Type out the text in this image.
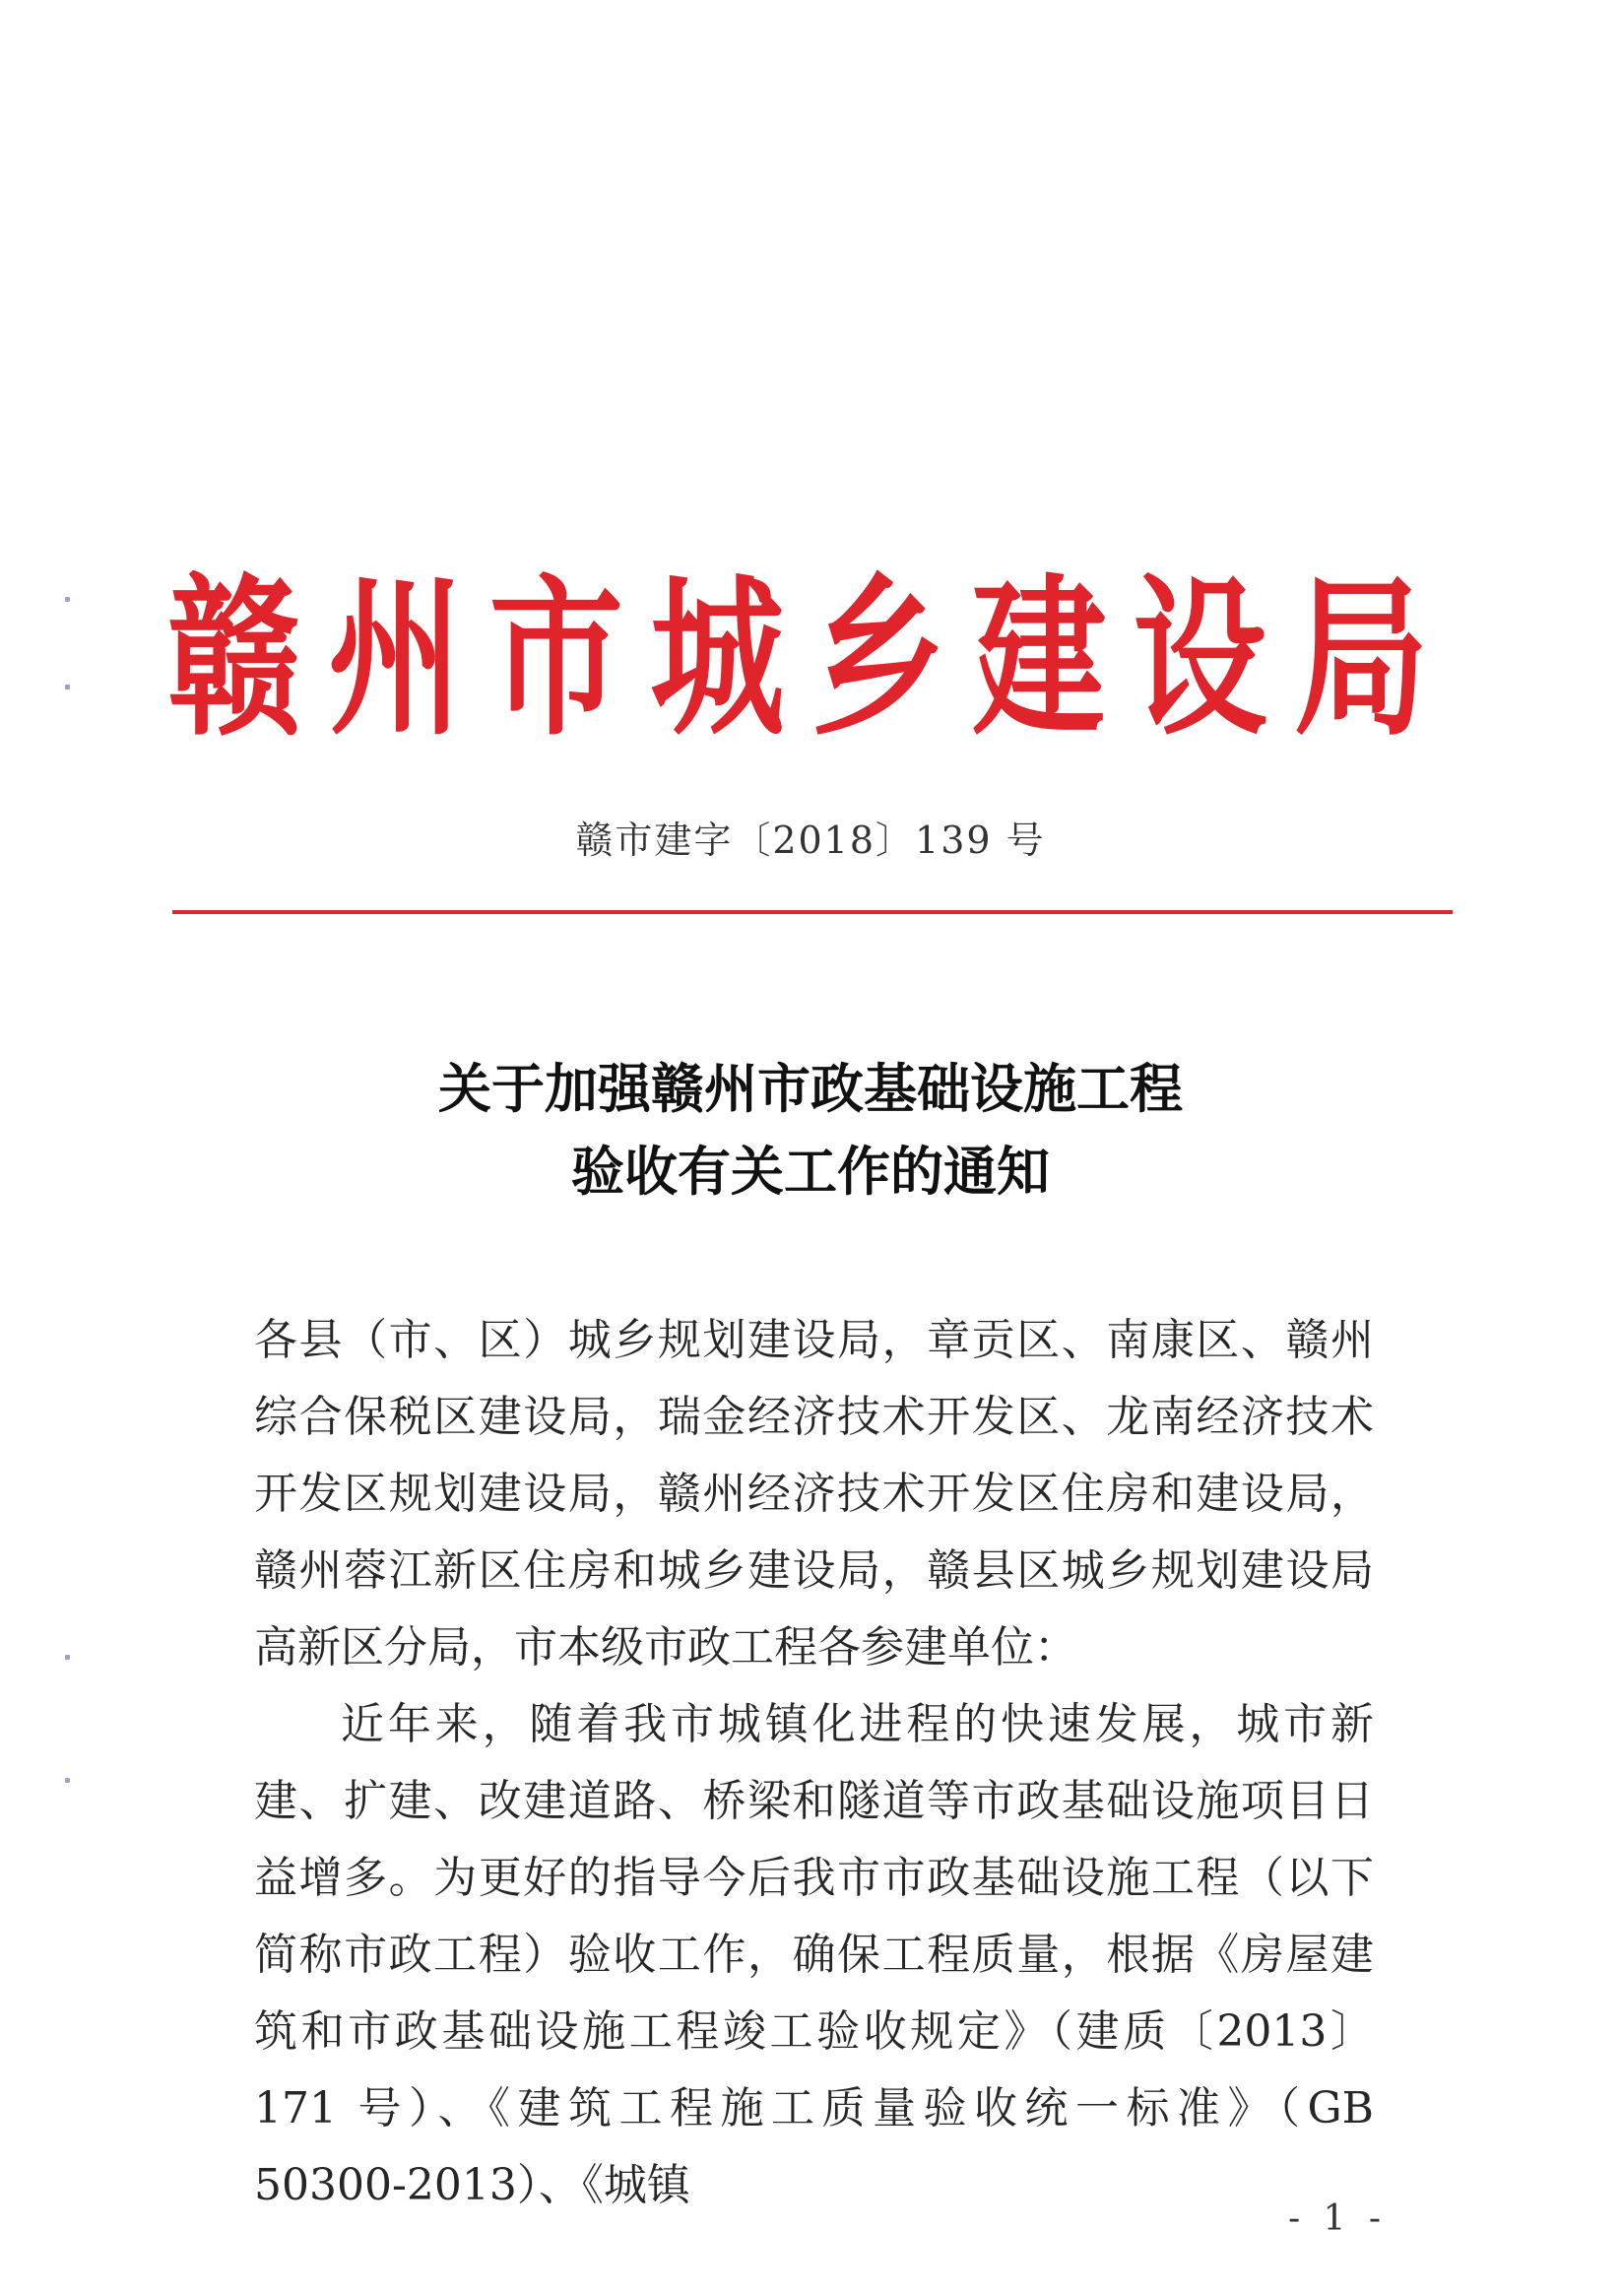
赣州市城乡建设局
赣市建字〔2018〕139 号
关于加强赣州市政基础设施工程
验收有关工作的通知

各县（市、区）城乡规划建设局，章贡区、南康区、赣州综合保税区建设局，瑞金经济技术开发区、龙南经济技术开发区规划建设局，赣州经济技术开发区住房和建设局，赣州蓉江新区住房和城乡建设局，赣县区城乡规划建设局高新区分局，市本级市政工程各参建单位：

近年来，随着我市城镇化进程的快速发展，城市新建、扩建、改建道路、桥梁和隧道等市政基础设施项目日益增多。为更好的指导今后我市市政基础设施工程（以下简称市政工程）验收工作，确保工程质量，根据《房屋建筑和市政基础设施工程竣工验收规定》（建质〔2013〕171 号）、《建筑工程施工质量验收统一标准》（GB 50300-2013）、《城镇

- 1 -
